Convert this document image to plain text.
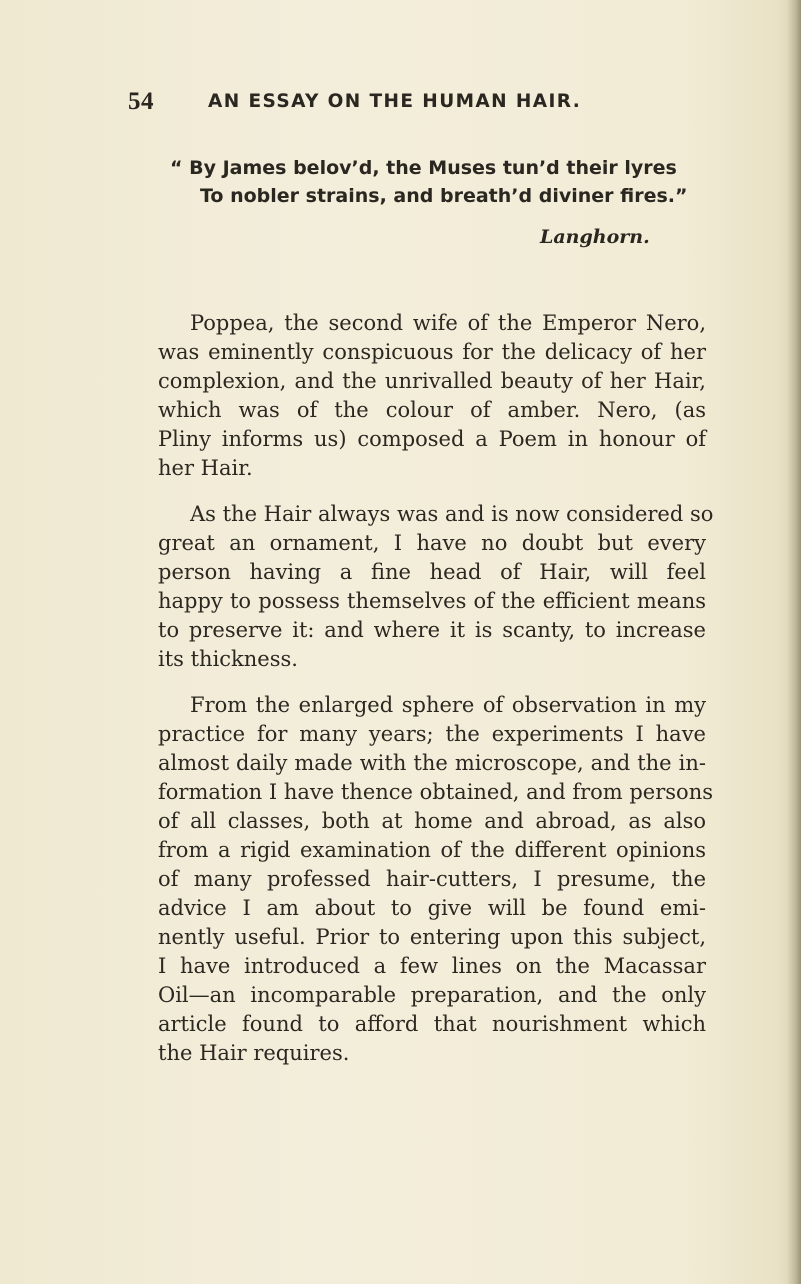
54	AN ESSAY ON THE HUMAN HAIR.
“ By James belov’d, the Muses tun’d their lyres
To nobler strains, and breath’d diviner fires.”
Langhorn.
Poppea, the second wife of the Emperor Nero,
was eminently conspicuous for the delicacy of her
complexion, and the unrivalled beauty of her Hair,
which was of the colour of amber. Nero, (as
Pliny informs us) composed a Poem in honour of
her Hair.
As the Hair always was and is now considered so
great an ornament, I have no doubt but every
person having a fine head of Hair, will feel
happy to possess themselves of the efficient means
to preserve it: and where it is scanty, to increase
its thickness.
From the enlarged sphere of observation in my
practice for many years; the experiments I have
almost daily made with the microscope, and the in-
formation I have thence obtained, and from persons
of all classes, both at home and abroad, as also
from a rigid examination of the different opinions
of many professed hair-cutters, I presume, the
advice I am about to give will be found emi-
nently useful. Prior to entering upon this subject,
I have introduced a few lines on the Macassar
Oil—an incomparable preparation, and the only
article found to afford that nourishment which
the Hair requires.
